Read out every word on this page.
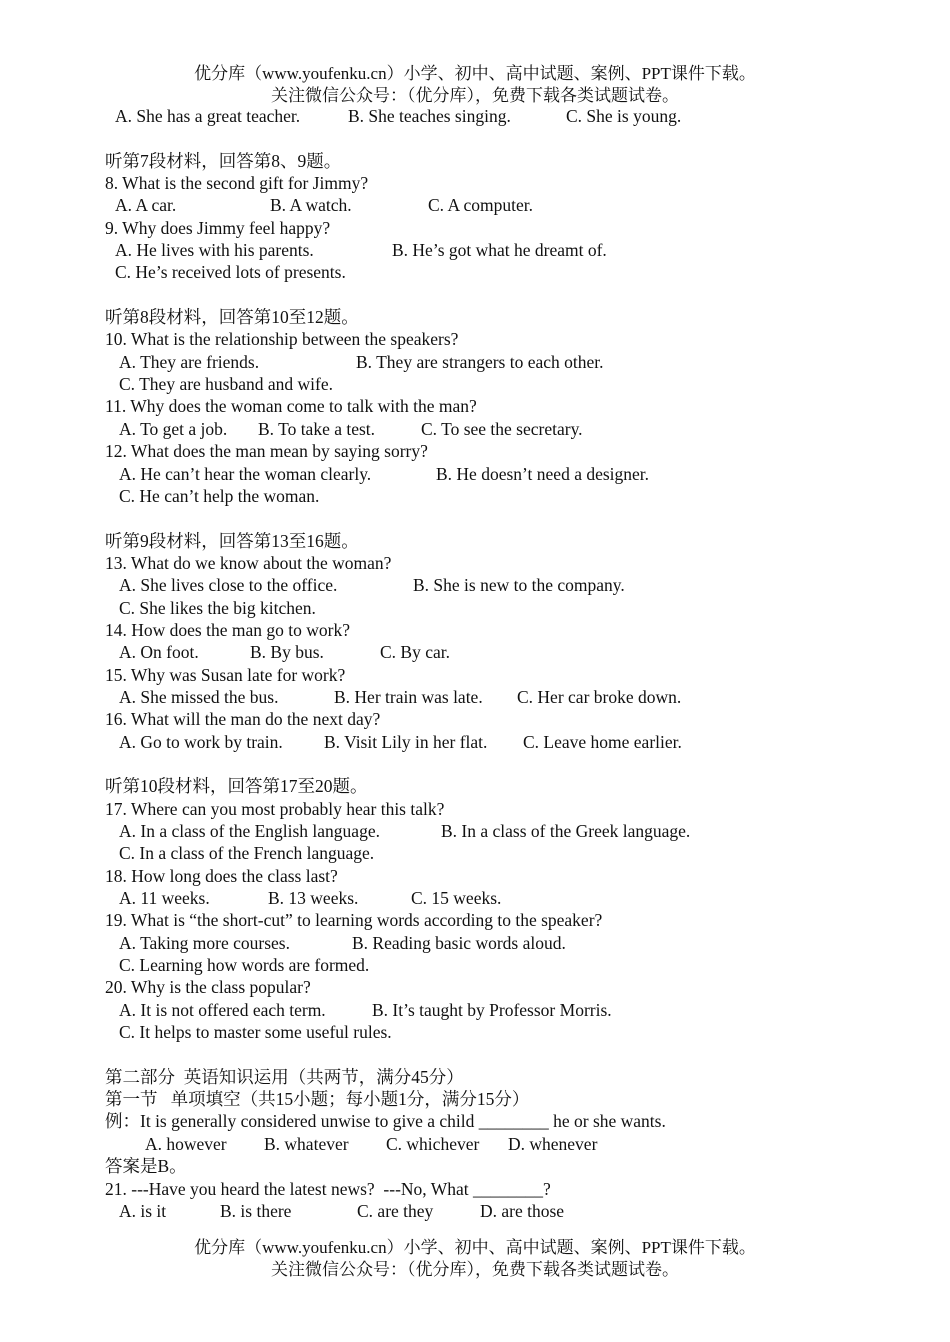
优分库（www.youfenku.cn）小学、初中、高中试题、案例、PPT课件下载。
关注微信公众号：（优分库），免费下载各类试题试卷。
A. She has a great teacher.	B. She teaches singing.	C. She is young.
听第7段材料，回答第8、9题。
8. What is the second gift for Jimmy?
A. A car.	B. A watch.	C. A computer.
9. Why does Jimmy feel happy?
A. He lives with his parents.	B. He’s got what he dreamt of.
C. He’s received lots of presents.
听第8段材料，回答第10至12题。
10. What is the relationship between the speakers?
A. They are friends.	B. They are strangers to each other.
C. They are husband and wife.
11. Why does the woman come to talk with the man?
A. To get a job. B. To take a test.	C. To see the secretary.
12. What does the man mean by saying sorry?
A. He can’t hear the woman clearly.	B. He doesn’t need a designer.
C. He can’t help the woman.
听第9段材料，回答第13至16题。
13. What do we know about the woman?
A. She lives close to the office.	B. She is new to the company.
C. She likes the big kitchen.
14. How does the man go to work?
A. On foot.	B. By bus.	C. By car.
15. Why was Susan late for work?
A. She missed the bus.	B. Her train was late. C. Her car broke down.
16. What will the man do the next day?
A. Go to work by train. B. Visit Lily in her flat. C. Leave home earlier.
听第10段材料，回答第17至20题。
17. Where can you most probably hear this talk?
A. In a class of the English language.	B. In a class of the Greek language.
C. In a class of the French language.
18. How long does the class last?
A. 11 weeks.	B. 13 weeks.	C. 15 weeks.
19. What is “the short-cut” to learning words according to the speaker?
A. Taking more courses.	B. Reading basic words aloud.
C. Learning how words are formed.
20. Why is the class popular?
A. It is not offered each term.	B. It’s taught by Professor Morris.
C. It helps to master some useful rules.
第二部分  英语知识运用（共两节，满分45分）
第一节   单项填空（共15小题；每小题1分，满分15分）
例：It is generally considered unwise to give a child ________ he or she wants.
A. however B. whatever C. whichever D. whenever
答案是B。
21. ---Have you heard the latest news?  ---No, What ________?
A. is it	B. is there	C. are they	D. are those
优分库（www.youfenku.cn）小学、初中、高中试题、案例、PPT课件下载。
关注微信公众号：（优分库），免费下载各类试题试卷。
